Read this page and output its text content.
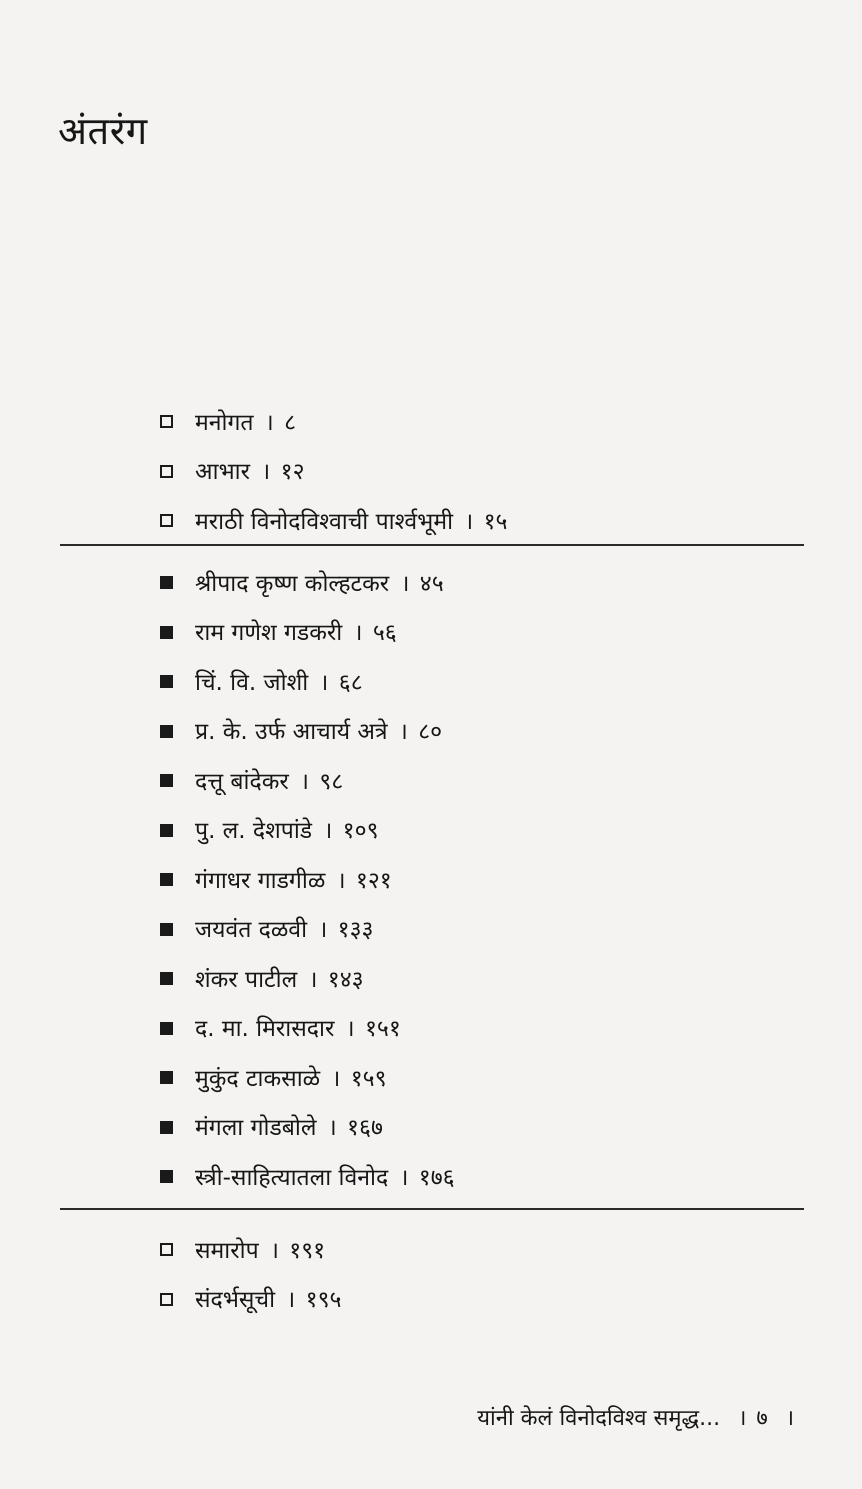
अंतरंग
मनोगत । ८
आभार । १२
मराठी विनोदविश्वाची पार्श्वभूमी । १५
श्रीपाद कृष्ण कोल्हटकर । ४५
राम गणेश गडकरी । ५६
चिं. वि. जोशी । ६८
प्र. के. उर्फ आचार्य अत्रे । ८०
दत्तू बांदेकर । ९८
पु. ल. देशपांडे । १०९
गंगाधर गाडगीळ । १२१
जयवंत दळवी । १३३
शंकर पाटील । १४३
द. मा. मिरासदार । १५१
मुकुंद टाकसाळे । १५९
मंगला गोडबोले । १६७
स्त्री-साहित्यातला विनोद । १७६
समारोप । १९१
संदर्भसूची । १९५
यांनी केलं विनोदविश्व समृद्ध... । ७ ।
